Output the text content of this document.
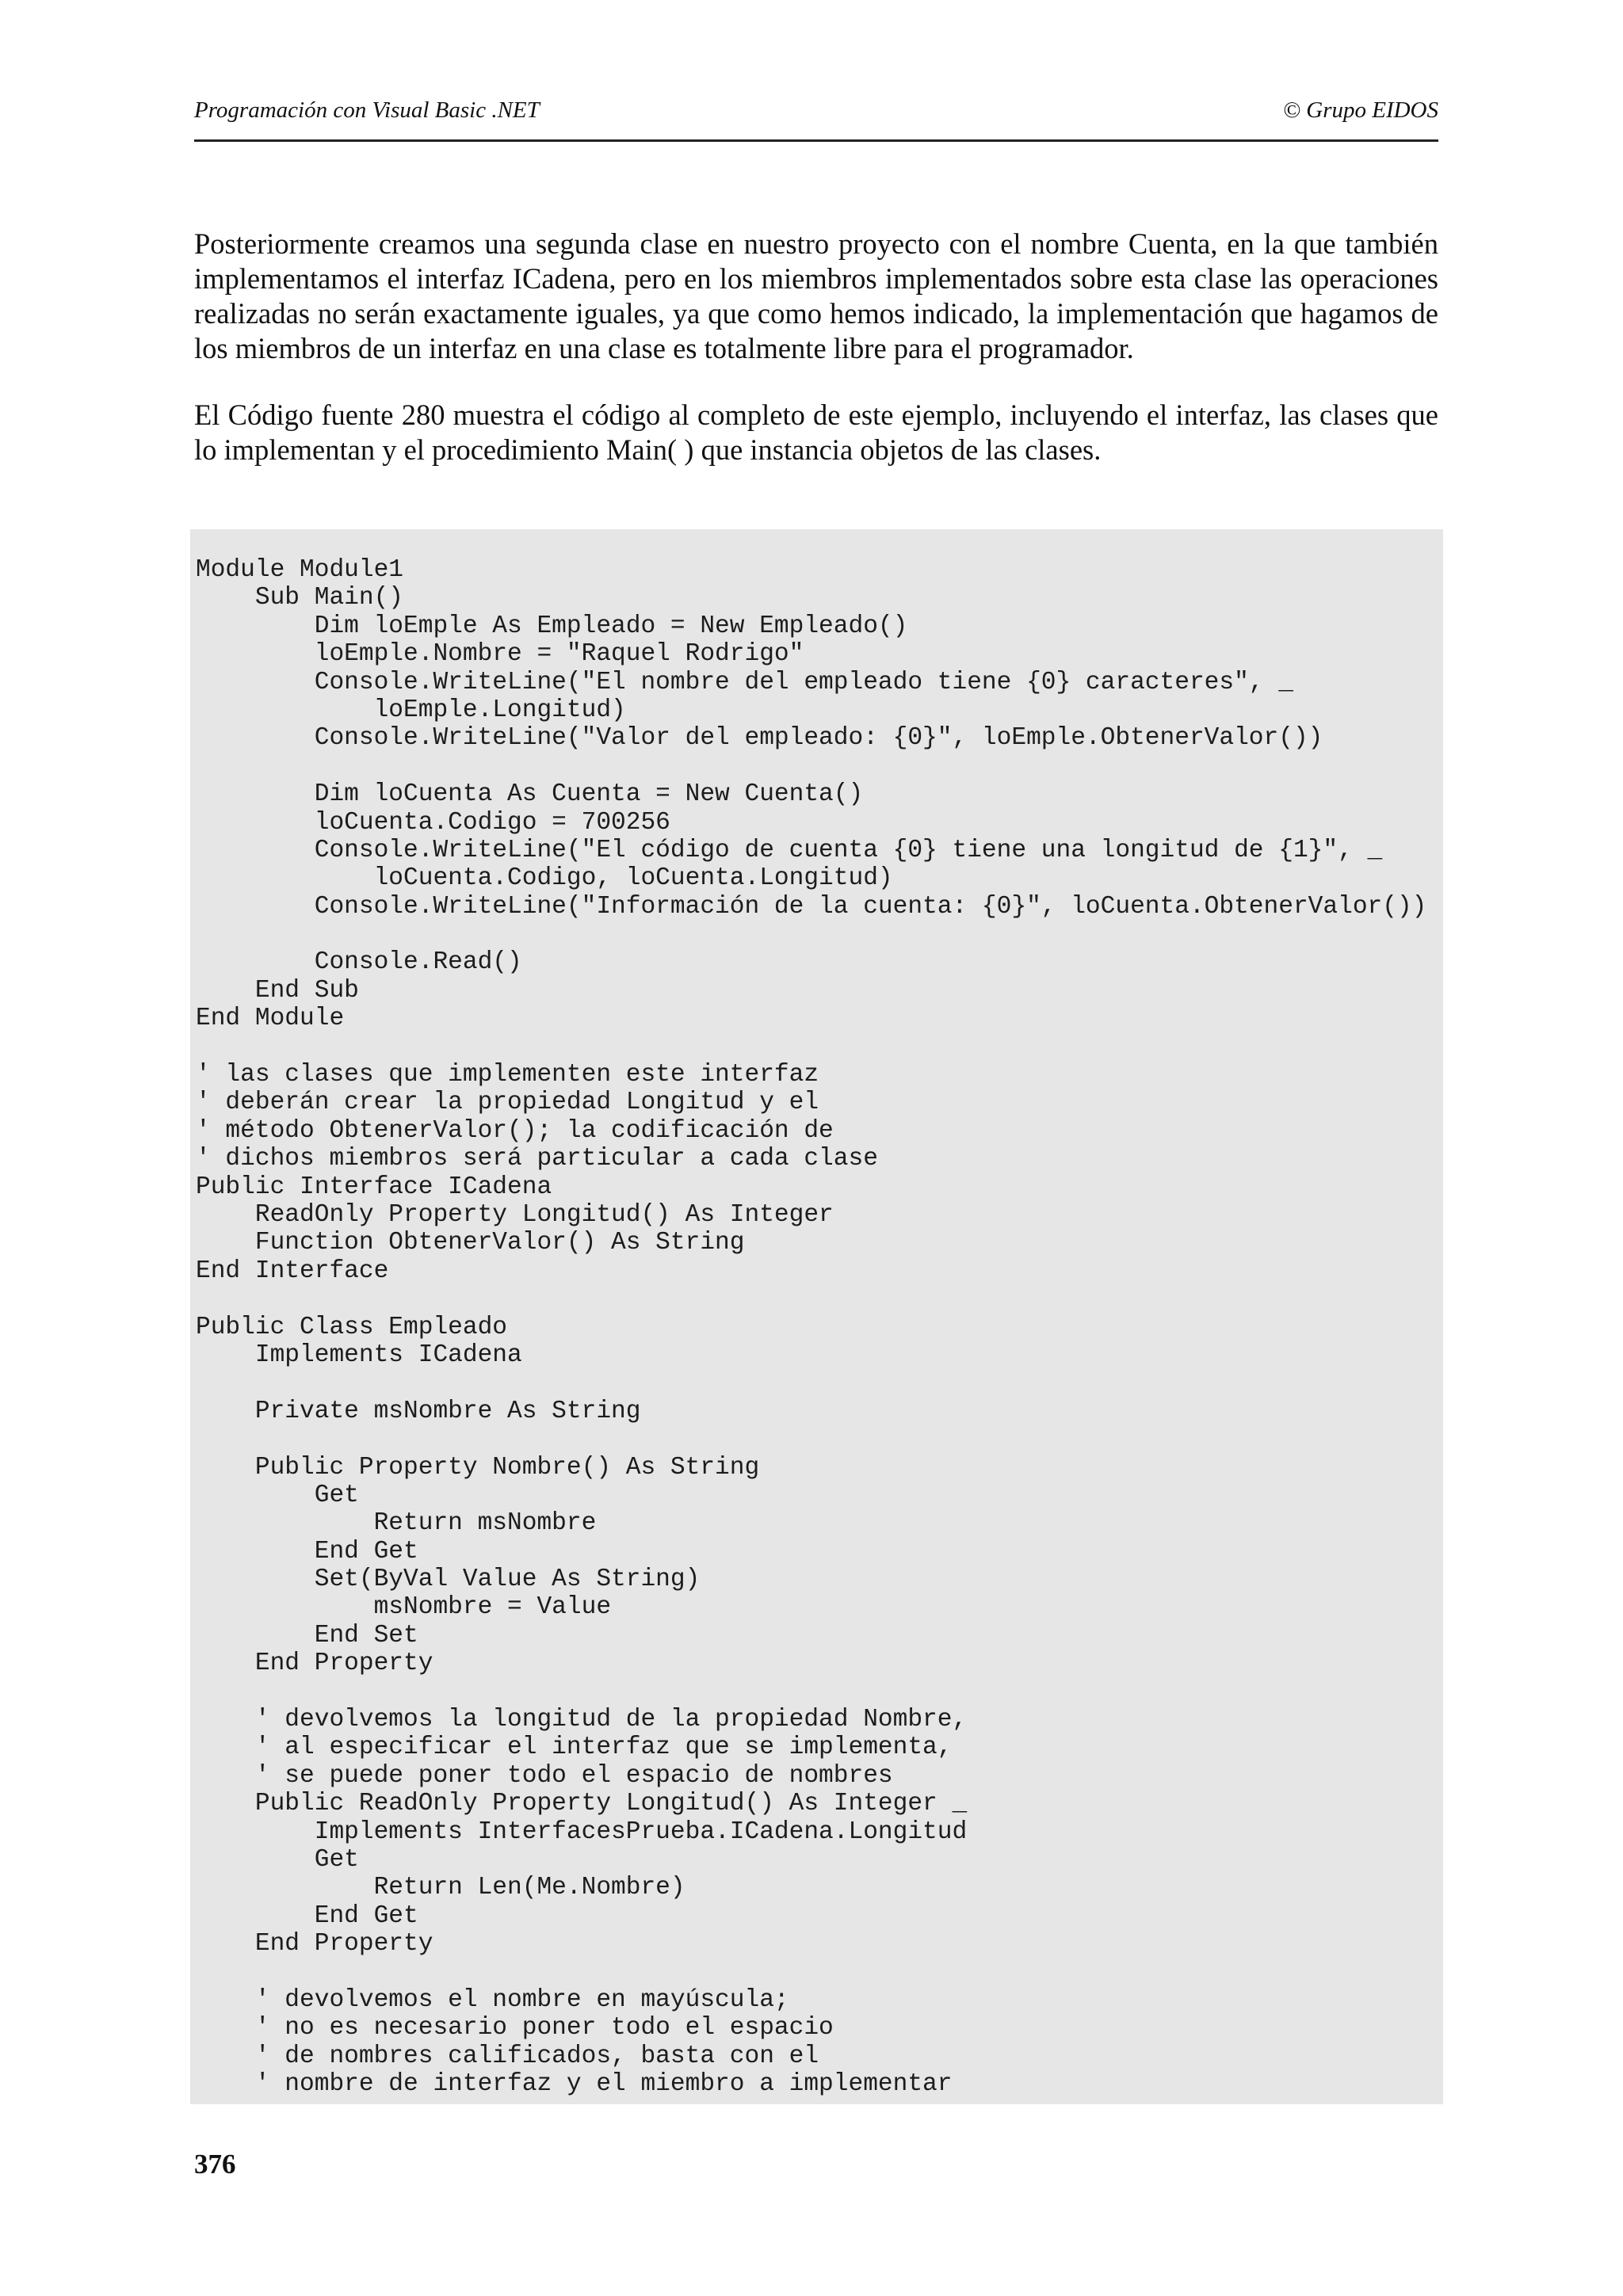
Programación con Visual Basic .NET	© Grupo EIDOS

Posteriormente creamos una segunda clase en nuestro proyecto con el nombre Cuenta, en la que también implementamos el interfaz ICadena, pero en los miembros implementados sobre esta clase las operaciones realizadas no serán exactamente iguales, ya que como hemos indicado, la implementación que hagamos de los miembros de un interfaz en una clase es totalmente libre para el programador.

El Código fuente 280 muestra el código al completo de este ejemplo, incluyendo el interfaz, las clases que lo implementan y el procedimiento Main( ) que instancia objetos de las clases.

Module Module1
Sub Main()
Dim loEmple As Empleado = New Empleado()
loEmple.Nombre = "Raquel Rodrigo"
Console.WriteLine("El nombre del empleado tiene {0} caracteres", _
loEmple.Longitud)
Console.WriteLine("Valor del empleado: {0}", loEmple.ObtenerValor())
Dim loCuenta As Cuenta = New Cuenta()
loCuenta.Codigo = 700256
Console.WriteLine("El código de cuenta {0} tiene una longitud de {1}", _
loCuenta.Codigo, loCuenta.Longitud)
Console.WriteLine("Información de la cuenta: {0}", loCuenta.ObtenerValor())
Console.Read()
End Sub
End Module
' las clases que implementen este interfaz
' deberán crear la propiedad Longitud y el
' método ObtenerValor(); la codificación de
' dichos miembros será particular a cada clase
Public Interface ICadena
ReadOnly Property Longitud() As Integer
Function ObtenerValor() As String
End Interface
Public Class Empleado
Implements ICadena
Private msNombre As String
Public Property Nombre() As String
Get
Return msNombre
End Get
Set(ByVal Value As String)
msNombre = Value
End Set
End Property
' devolvemos la longitud de la propiedad Nombre,
' al especificar el interfaz que se implementa,
' se puede poner todo el espacio de nombres
Public ReadOnly Property Longitud() As Integer _
Implements InterfacesPrueba.ICadena.Longitud
Get
Return Len(Me.Nombre)
End Get
End Property
' devolvemos el nombre en mayúscula;
' no es necesario poner todo el espacio
' de nombres calificados, basta con el
' nombre de interfaz y el miembro a implementar
376
